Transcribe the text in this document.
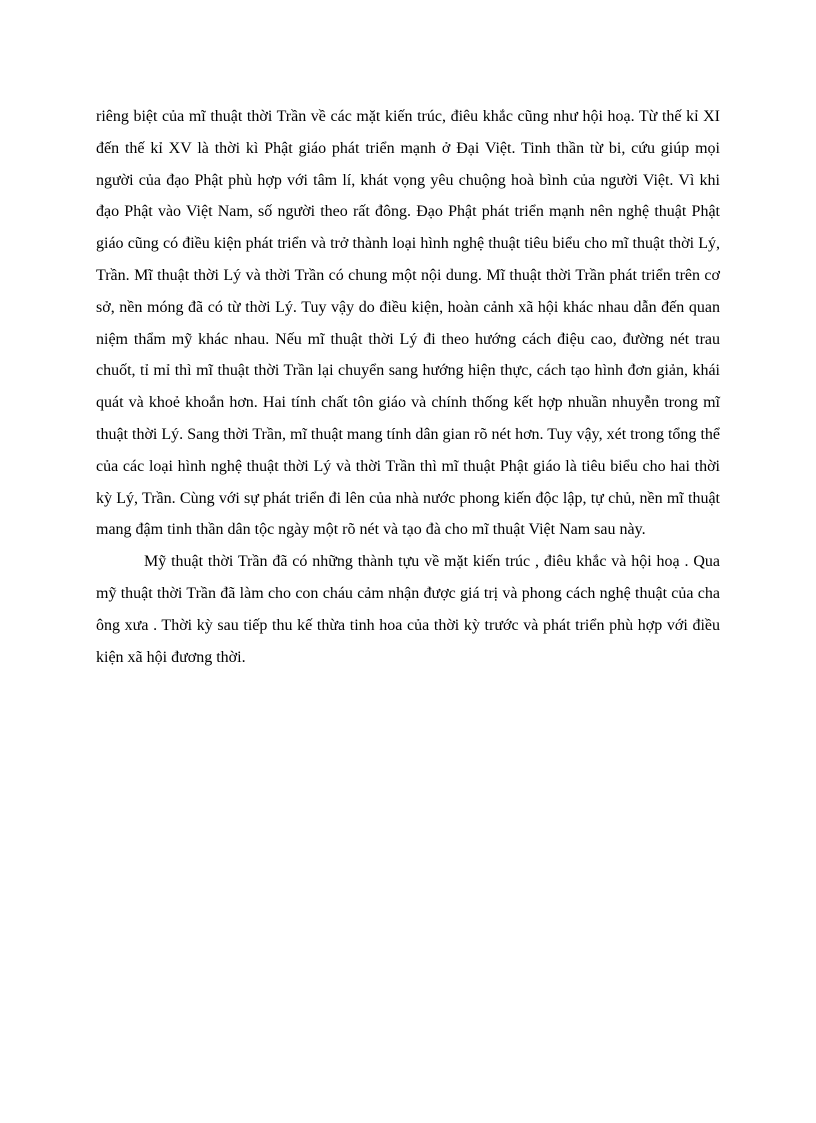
riêng biệt của mĩ thuật thời Trần về các mặt kiến trúc, điêu khắc cũng như hội hoạ. Từ thế kỉ XI đến thế kỉ XV là thời kì Phật giáo phát triển mạnh ở Đại Việt. Tinh thần từ bi, cứu giúp mọi người của đạo Phật phù hợp với tâm lí, khát vọng yêu chuộng hoà bình của người Việt. Vì khi đạo Phật vào Việt Nam, số người theo rất đông. Đạo Phật phát triển mạnh nên nghệ thuật Phật giáo cũng có điều kiện phát triển và trở thành loại hình nghệ thuật tiêu biểu cho mĩ thuật thời Lý, Trần. Mĩ thuật thời Lý và thời Trần có chung một nội dung. Mĩ thuật thời Trần phát triển trên cơ sở, nền móng đã có từ thời Lý. Tuy vậy do điều kiện, hoàn cảnh xã hội khác nhau dẫn đến quan niệm thẩm mỹ khác nhau. Nếu mĩ thuật thời Lý đi theo hướng cách điệu cao, đường nét trau chuốt, tỉ mỉ thì mĩ thuật thời Trần lại chuyển sang hướng hiện thực, cách tạo hình đơn giản, khái quát và khoẻ khoắn hơn. Hai tính chất tôn giáo và chính thống kết hợp nhuần nhuyễn trong mĩ thuật thời Lý. Sang thời Trần, mĩ thuật mang tính dân gian rõ nét hơn. Tuy vậy, xét trong tổng thể của các loại hình nghệ thuật thời Lý và thời Trần thì mĩ thuật Phật giáo là tiêu biểu cho hai thời kỳ Lý, Trần. Cùng với sự phát triển đi lên của nhà nước phong kiến độc lập, tự chủ, nền mĩ thuật mang đậm tinh thần dân tộc ngày một rõ nét và tạo đà cho mĩ thuật Việt Nam sau này.

Mỹ thuật thời Trần đã có những thành tựu về mặt kiến trúc , điêu khắc và hội hoạ . Qua mỹ thuật thời Trần đã làm cho con cháu cảm nhận được giá trị và phong cách nghệ thuật của cha ông xưa . Thời kỳ sau tiếp thu kế thừa tinh hoa của thời kỳ trước và phát triển phù hợp với điều kiện xã hội đương thời.
